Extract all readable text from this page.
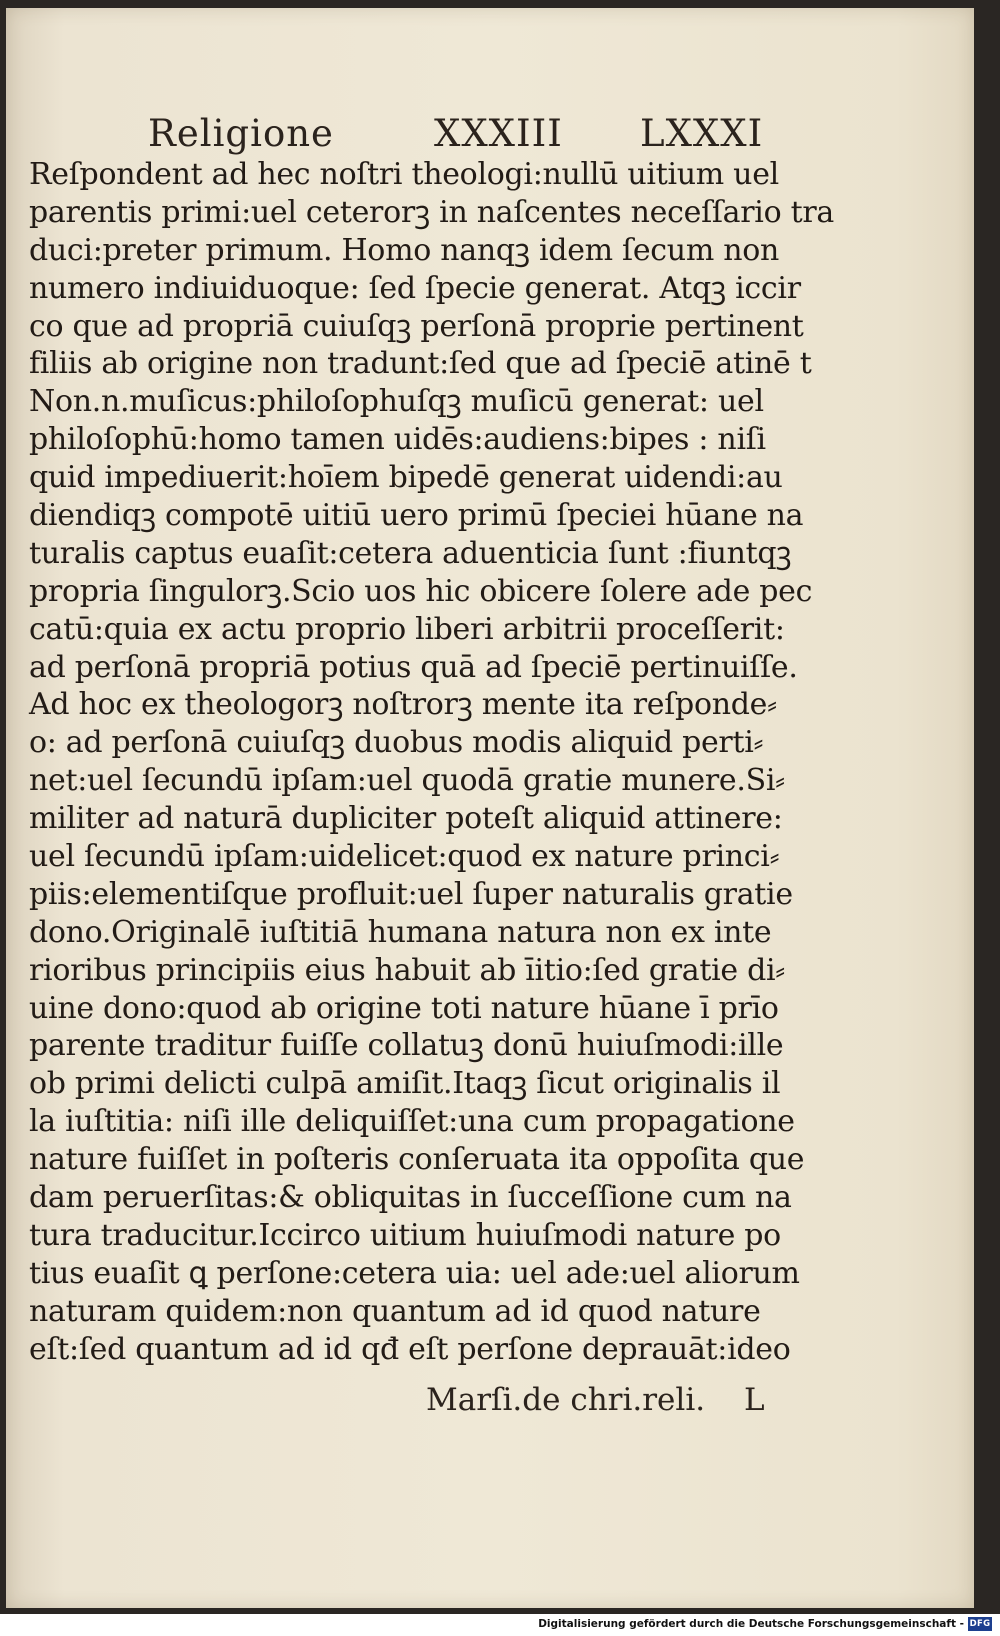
Religione	XXXIII LXXXI
Reſpondent ad hec noſtri theologi:nullū uitium uel
parentis primi:uel ceterorꝫ in naſcentes neceſſario tra
duci:preter primum. Homo nanqꝫ idem ſecum non
numero indiuiduoque: ſed ſpecie generat. Atqꝫ iccir
co que ad propriā cuiuſqꝫ perſonā proprie pertinent
filiis ab origine non tradunt:ſed que ad ſpeciē atinē t
Non.n.muſicus:philoſophuſqꝫ muſicū generat: uel
philoſophū:homo tamen uidēs:audiens:bipes : niſi
quid impediuerit:hoīem bipedē generat uidendi:au
diendiqꝫ compotē uitiū uero primū ſpeciei hūane na
turalis captus euaſit:cetera aduenticia ſunt :fiuntqꝫ
propria ſingulorꝫ.Scio uos hic obicere ſolere ade pec
catū:quia ex actu proprio liberi arbitrii proceſſerit:
ad perſonā propriā potius quā ad ſpeciē pertinuiſſe.
Ad hoc ex theologorꝫ noſtrorꝫ mente ita reſponde⸗
o: ad perſonā cuiuſqꝫ duobus modis aliquid perti⸗
net:uel ſecundū ipſam:uel quodā gratie munere.Si⸗
militer ad naturā dupliciter poteſt aliquid attinere:
uel ſecundū ipſam:uidelicet:quod ex nature princi⸗
piis:elementiſque profluit:uel ſuper naturalis gratie
dono.Originalē iuſtitiā humana natura non ex inte
rioribus principiis eius habuit ab īitio:ſed gratie di⸗
uine dono:quod ab origine toti nature hūane ī prīo
parente traditur fuiſſe collatuꝫ donū huiuſmodi:ille
ob primi delicti culpā amiſit.Itaqꝫ ſicut originalis il
la iuſtitia: niſi ille deliquiſſet:una cum propagatione
nature fuiſſet in poſteris conſeruata ita oppoſita que
dam peruerſitas:& obliquitas in ſucceſſione cum na
tura traducitur.Iccirco uitium huiuſmodi nature po
tius euaſit ꝗ perſone:cetera uia: uel ade:uel aliorum
naturam quidem:non quantum ad id quod nature
eſt:ſed quantum ad id qđ eſt perſone deprauāt:ideo
Marſi.de chri.reli. L
Digitalisierung gefördert durch die Deutsche Forschungsgemeinschaft - DFG
